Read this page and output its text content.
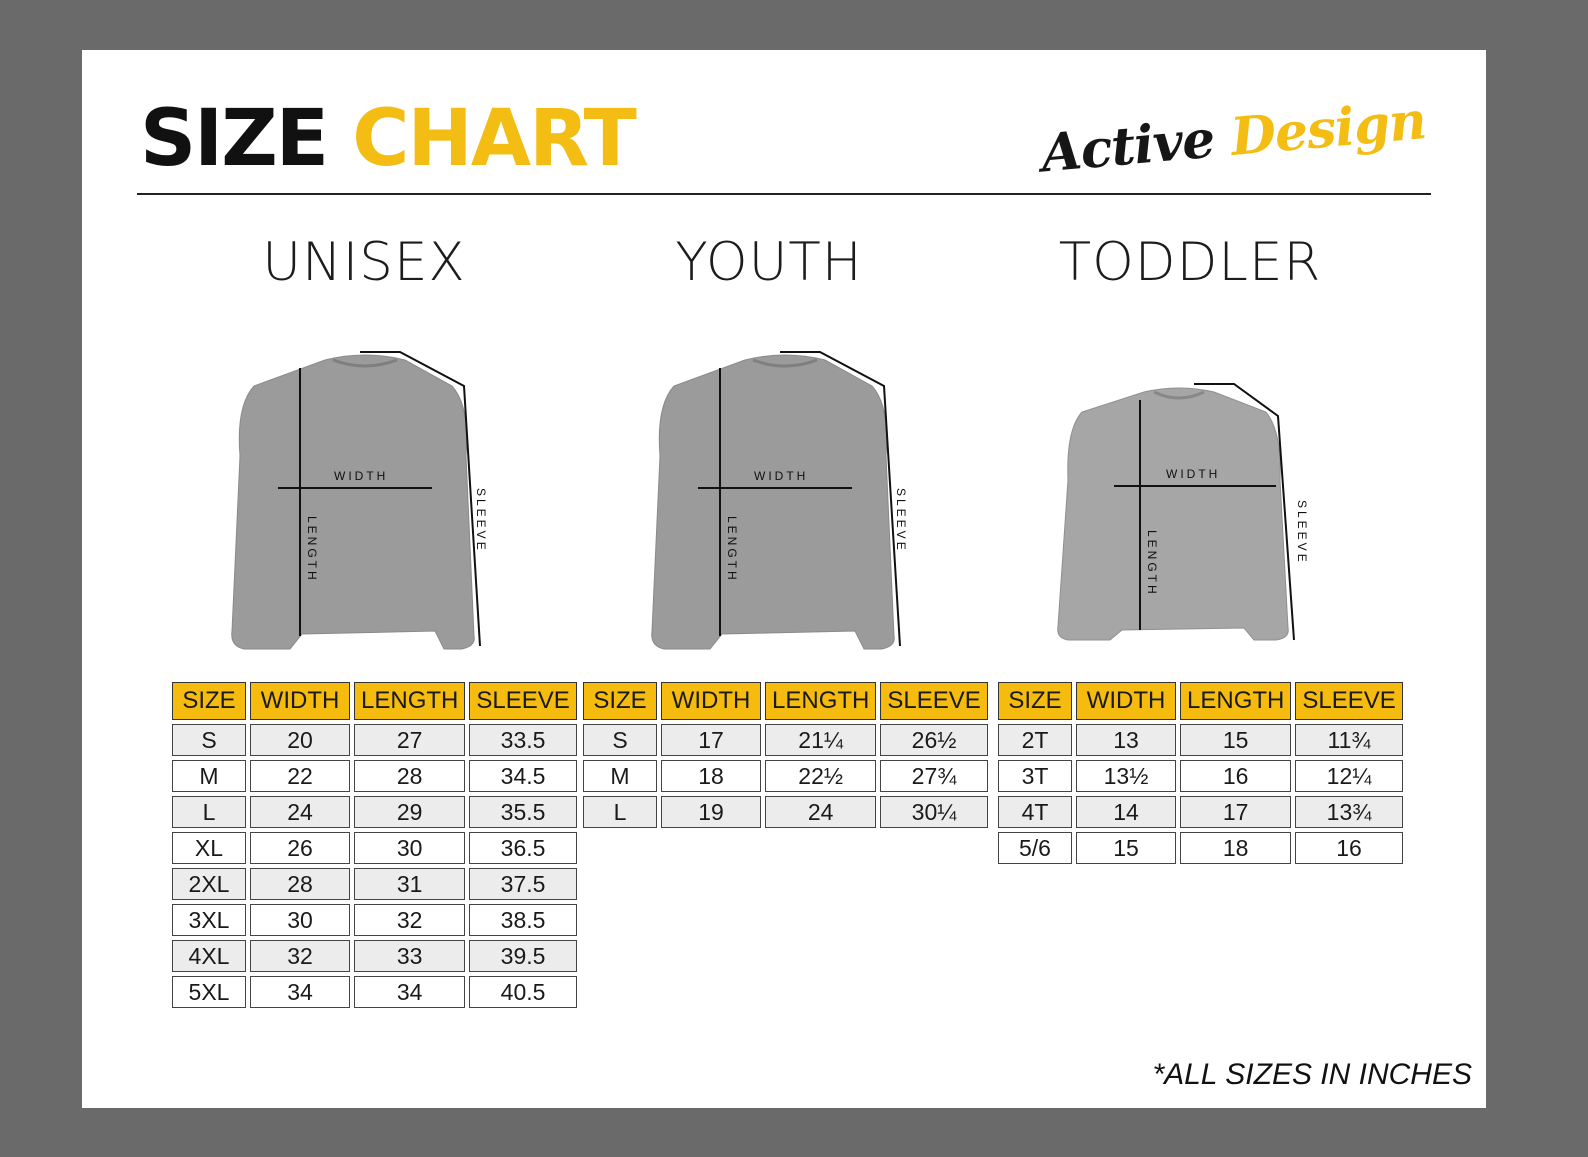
SIZE CHART	Active Design
UNISEX	YOUTH	TODDLER
WIDTH
LENGTH	SLEEVE
WIDTH
LENGTH	SLEEVE
WIDTH
LENGTH	SLEEVE
SIZE	WIDTH	LENGTH	SLEEVE
S	20	27	33.5
M	22	28	34.5
L	24	29	35.5
XL	26	30	36.5
2XL	28	31	37.5
3XL	30	32	38.5
4XL	32	33	39.5
5XL	34	34	40.5
SIZE	WIDTH	LENGTH	SLEEVE
S	17	21¼	26½
M	18	22½	27¾
L	19	24	30¼
SIZE	WIDTH	LENGTH	SLEEVE
2T	13	15	11¾
3T	13½	16	12¼
4T	14	17	13¾
5/6	15	18	16
*ALL SIZES IN INCHES
